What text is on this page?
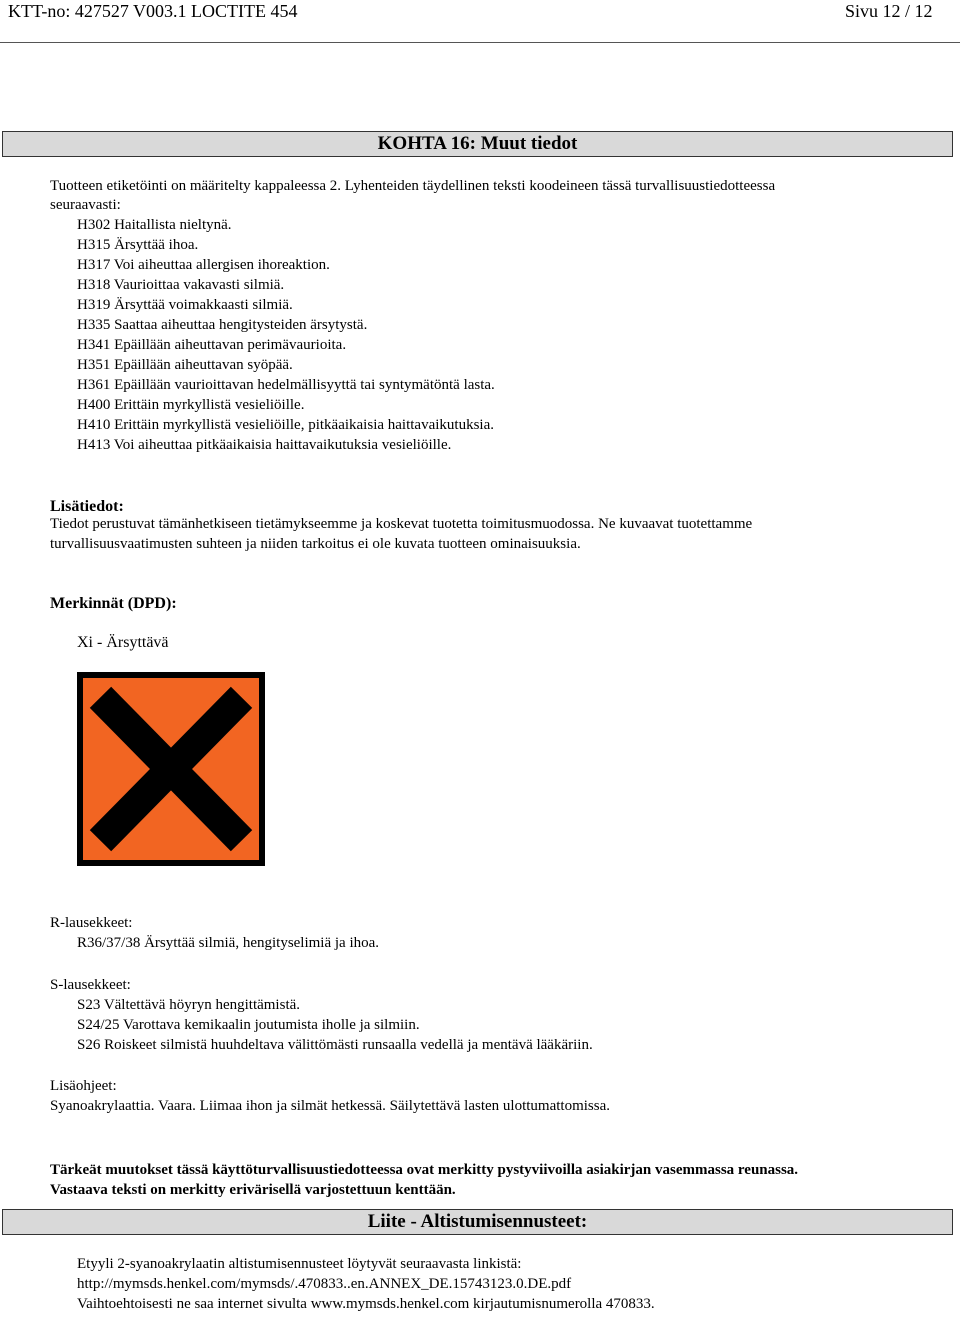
KTT-no: 427527 V003.1 LOCTITE 454	Sivu 12 / 12
KOHTA 16: Muut tiedot
Tuotteen etiketöinti on määritelty kappaleessa 2. Lyhenteiden täydellinen teksti koodeineen tässä turvallisuustiedotteessa
seuraavasti:
H302 Haitallista nieltynä.
H315 Ärsyttää ihoa.
H317 Voi aiheuttaa allergisen ihoreaktion.
H318 Vaurioittaa vakavasti silmiä.
H319 Ärsyttää voimakkaasti silmiä.
H335 Saattaa aiheuttaa hengitysteiden ärsytystä.
H341 Epäillään aiheuttavan perimävaurioita.
H351 Epäillään aiheuttavan syöpää.
H361 Epäillään vaurioittavan hedelmällisyyttä tai syntymätöntä lasta.
H400 Erittäin myrkyllistä vesieliöille.
H410 Erittäin myrkyllistä vesieliöille, pitkäaikaisia haittavaikutuksia.
H413 Voi aiheuttaa pitkäaikaisia haittavaikutuksia vesieliöille.
Lisätiedot:
Tiedot perustuvat tämänhetkiseen tietämykseemme ja koskevat tuotetta toimitusmuodossa. Ne kuvaavat tuotettamme
turvallisuusvaatimusten suhteen ja niiden tarkoitus ei ole kuvata tuotteen ominaisuuksia.
Merkinnät (DPD):
Xi - Ärsyttävä
R-lausekkeet:
R36/37/38 Ärsyttää silmiä, hengityselimiä ja ihoa.
S-lausekkeet:
S23 Vältettävä höyryn hengittämistä.
S24/25 Varottava kemikaalin joutumista iholle ja silmiin.
S26 Roiskeet silmistä huuhdeltava välittömästi runsaalla vedellä ja mentävä lääkäriin.
Lisäohjeet:
Syanoakrylaattia. Vaara. Liimaa ihon ja silmät hetkessä. Säilytettävä lasten ulottumattomissa.
Tärkeät muutokset tässä käyttöturvallisuustiedotteessa ovat merkitty pystyviivoilla asiakirjan vasemmassa reunassa.
Vastaava teksti on merkitty erivärisellä varjostettuun kenttään.
Liite - Altistumisennusteet:
Etyyli 2-syanoakrylaatin altistumisennusteet löytyvät seuraavasta linkistä:
http://mymsds.henkel.com/mymsds/.470833..en.ANNEX_DE.15743123.0.DE.pdf
Vaihtoehtoisesti ne saa internet sivulta www.mymsds.henkel.com kirjautumisnumerolla 470833.
